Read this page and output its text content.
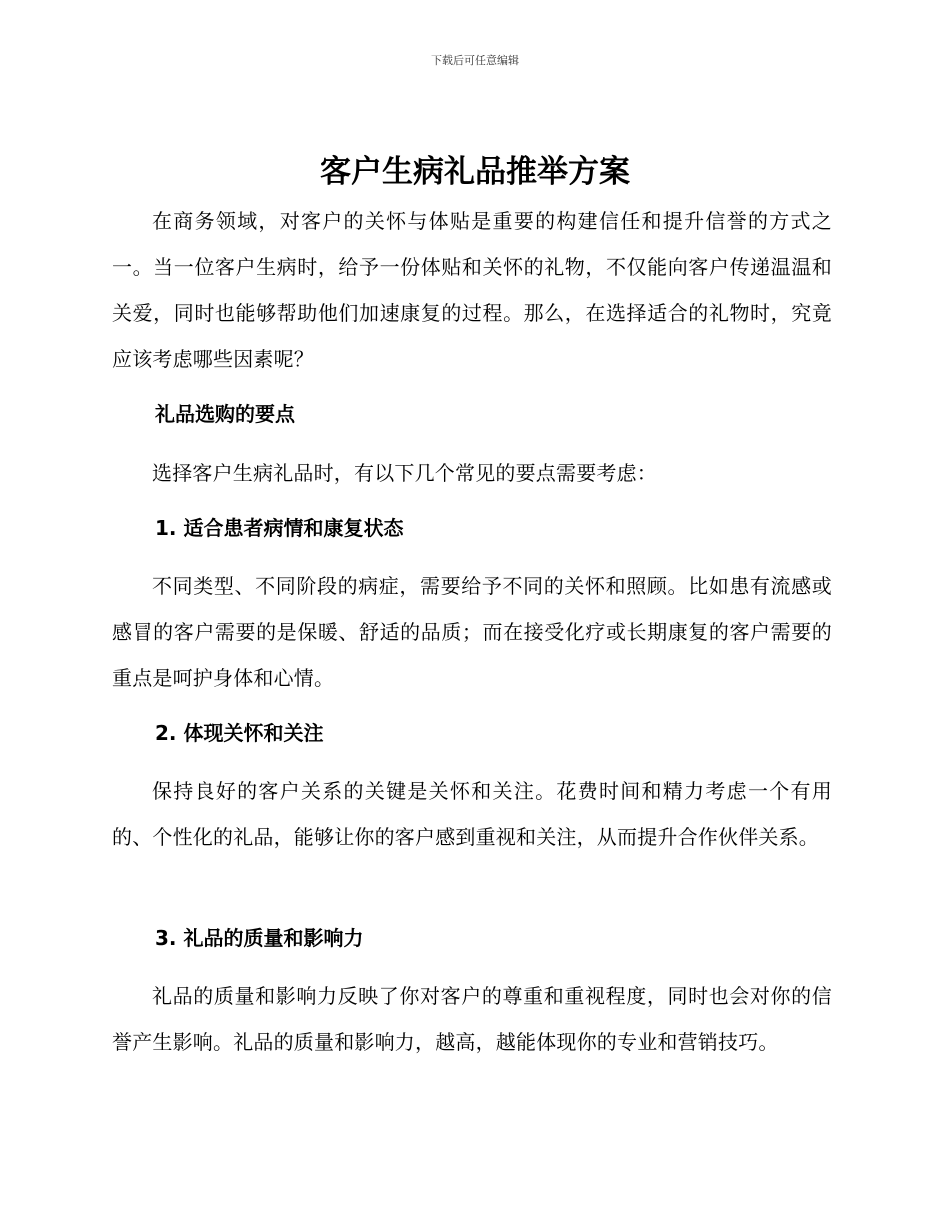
下载后可任意编辑
客户生病礼品推举方案

在商务领域，对客户的关怀与体贴是重要的构建信任和提升信誉的方式之一。当一位客户生病时，给予一份体贴和关怀的礼物，不仅能向客户传递温温和关爱，同时也能够帮助他们加速康复的过程。那么，在选择适合的礼物时，究竟应该考虑哪些因素呢？

礼品选购的要点

选择客户生病礼品时，有以下几个常见的要点需要考虑：

1. 适合患者病情和康复状态

不同类型、不同阶段的病症，需要给予不同的关怀和照顾。比如患有流感或感冒的客户需要的是保暖、舒适的品质；而在接受化疗或长期康复的客户需要的重点是呵护身体和心情。

2. 体现关怀和关注

保持良好的客户关系的关键是关怀和关注。花费时间和精力考虑一个有用的、个性化的礼品，能够让你的客户感到重视和关注，从而提升合作伙伴关系。

3. 礼品的质量和影响力

礼品的质量和影响力反映了你对客户的尊重和重视程度，同时也会对你的信誉产生影响。礼品的质量和影响力，越高，越能体现你的专业和营销技巧。
